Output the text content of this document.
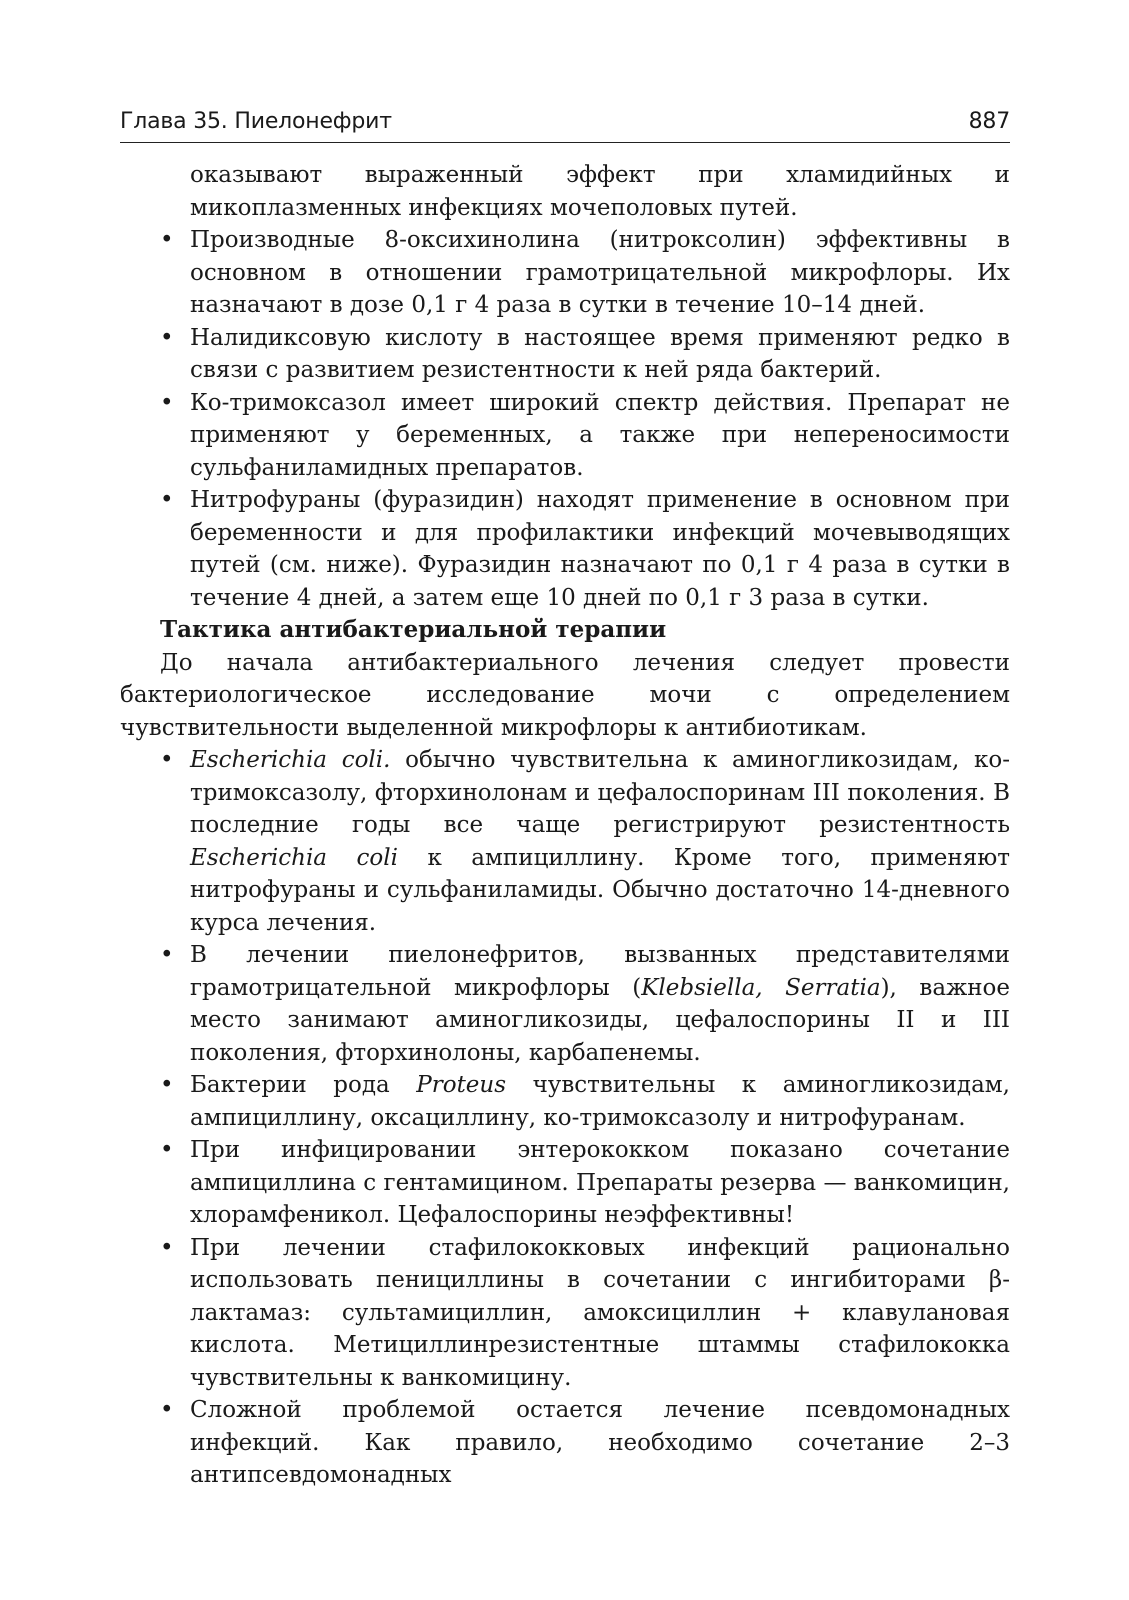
Глава 35. Пиелонефрит	887

оказывают выраженный эффект при хламидийных и микоплазменных инфекциях мочеполовых путей.

• Производные 8-оксихинолина (нитроксолин) эффективны в основном в отношении грамотрицательной микрофлоры. Их назначают в дозе 0,1 г 4 раза в сутки в течение 10–14 дней.
• Налидиксовую кислоту в настоящее время применяют редко в связи с развитием резистентности к ней ряда бактерий.
• Ко-тримоксазол имеет широкий спектр действия. Препарат не применяют у беременных, а также при непереносимости сульфаниламидных препаратов.
• Нитрофураны (фуразидин) находят применение в основном при беременности и для профилактики инфекций мочевыводящих путей (см. ниже). Фуразидин назначают по 0,1 г 4 раза в сутки в течение 4 дней, а затем еще 10 дней по 0,1 г 3 раза в сутки.
Тактика антибактериальной терапии

До начала антибактериального лечения следует провести бактериологическое исследование мочи с определением чувствительности выделенной микрофлоры к антибиотикам.

• Escherichia coli. обычно чувствительна к аминогликозидам, ко-тримоксазолу, фторхинолонам и цефалоспоринам III поколения. В последние годы все чаще регистрируют резистентность Escherichia coli к ампициллину. Кроме того, применяют нитрофураны и сульфаниламиды. Обычно достаточно 14-дневного курса лечения.
• В лечении пиелонефритов, вызванных представителями грамотрицательной микрофлоры (Klebsiella, Serratia), важное место занимают аминогликозиды, цефалоспорины II и III поколения, фторхинолоны, карбапенемы.
• Бактерии рода Proteus чувствительны к аминогликозидам, ампициллину, оксациллину, ко-тримоксазолу и нитрофуранам.
• При инфицировании энтерококком показано сочетание ампициллина с гентамицином. Препараты резерва — ванкомицин, хлорамфеникол. Цефалоспорины неэффективны!
• При лечении стафилококковых инфекций рационально использовать пенициллины в сочетании с ингибиторами β-лактамаз: сультамициллин, амоксициллин + клавулановая кислота. Метициллинрезистентные штаммы стафилококка чувствительны к ванкомицину.
• Сложной проблемой остается лечение псевдомонадных инфекций. Как правило, необходимо сочетание 2–3 антипсевдомонадных
